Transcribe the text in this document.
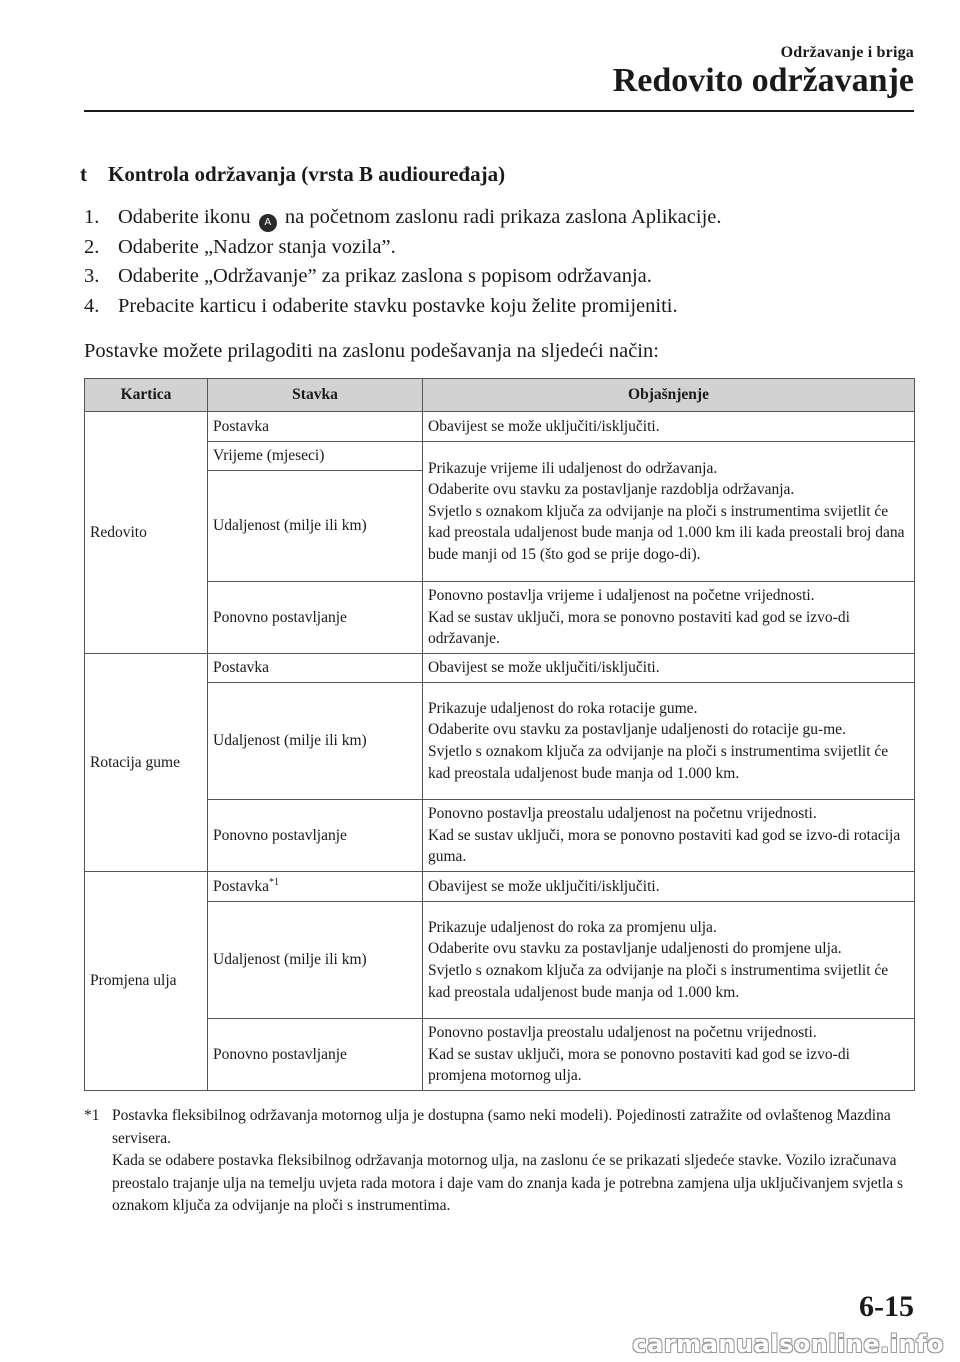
Održavanje i briga
Redovito održavanje
t Kontrola održavanja (vrsta B audiouređaja)
1. Odaberite ikonu A na početnom zaslonu radi prikaza zaslona Aplikacije.
2. Odaberite „Nadzor stanja vozila”.
3. Odaberite „Održavanje” za prikaz zaslona s popisom održavanja.
4. Prebacite karticu i odaberite stavku postavke koju želite promijeniti.
Postavke možete prilagoditi na zaslonu podešavanja na sljedeći način:
Kartica	Stavka	Objašnjenje
Redovito	Postavka	Obavijest se može uključiti/isključiti.
	Vrijeme (mjeseci)	Prikazuje vrijeme ili udaljenost do održavanja.
Odaberite ovu stavku za postavljanje razdoblja održavanja.
Svjetlo s oznakom ključa za odvijanje na ploči s instrumentima svijetlit će kad preostala udaljenost bude manja od 1.000 km ili kada preostali broj dana bude manji od 15 (što god se prije dogo-di).

	Udaljenost (milje ili km)	
	Ponovno postavljanje	Ponovno postavlja vrijeme i udaljenost na početne vrijednosti.
Kad se sustav uključi, mora se ponovno postaviti kad god se izvo-di održavanje.

Rotacija gume	Postavka	Obavijest se može uključiti/isključiti.
	Udaljenost (milje ili km)	Prikazuje udaljenost do roka rotacije gume.
Odaberite ovu stavku za postavljanje udaljenosti do rotacije gu-me.
Svjetlo s oznakom ključa za odvijanje na ploči s instrumentima svijetlit će kad preostala udaljenost bude manja od 1.000 km.

	Ponovno postavljanje	Ponovno postavlja preostalu udaljenost na početnu vrijednosti.
Kad se sustav uključi, mora se ponovno postaviti kad god se izvo-di rotacija guma.

Promjena ulja	Postavka$^{*1}$	Obavijest se može uključiti/isključiti.
	Udaljenost (milje ili km)	Prikazuje udaljenost do roka za promjenu ulja.
Odaberite ovu stavku za postavljanje udaljenosti do promjene ulja.
Svjetlo s oznakom ključa za odvijanje na ploči s instrumentima svijetlit će kad preostala udaljenost bude manja od 1.000 km.

	Ponovno postavljanje	Ponovno postavlja preostalu udaljenost na početnu vrijednosti.
Kad se sustav uključi, mora se ponovno postaviti kad god se izvo-di promjena motornog ulja.
*1 Postavka fleksibilnog održavanja motornog ulja je dostupna (samo neki modeli). Pojedinosti zatražite od ovlaštenog Mazdina servisera.
Kada se odabere postavka fleksibilnog održavanja motornog ulja, na zaslonu će se prikazati sljedeće stavke. Vozilo izračunava preostalo trajanje ulja na temelju uvjeta rada motora i daje vam do znanja kada je potrebna zamjena ulja uključivanjem svjetla s oznakom ključa za odvijanje na ploči s instrumentima.
6-15
carmanualsonline.info
